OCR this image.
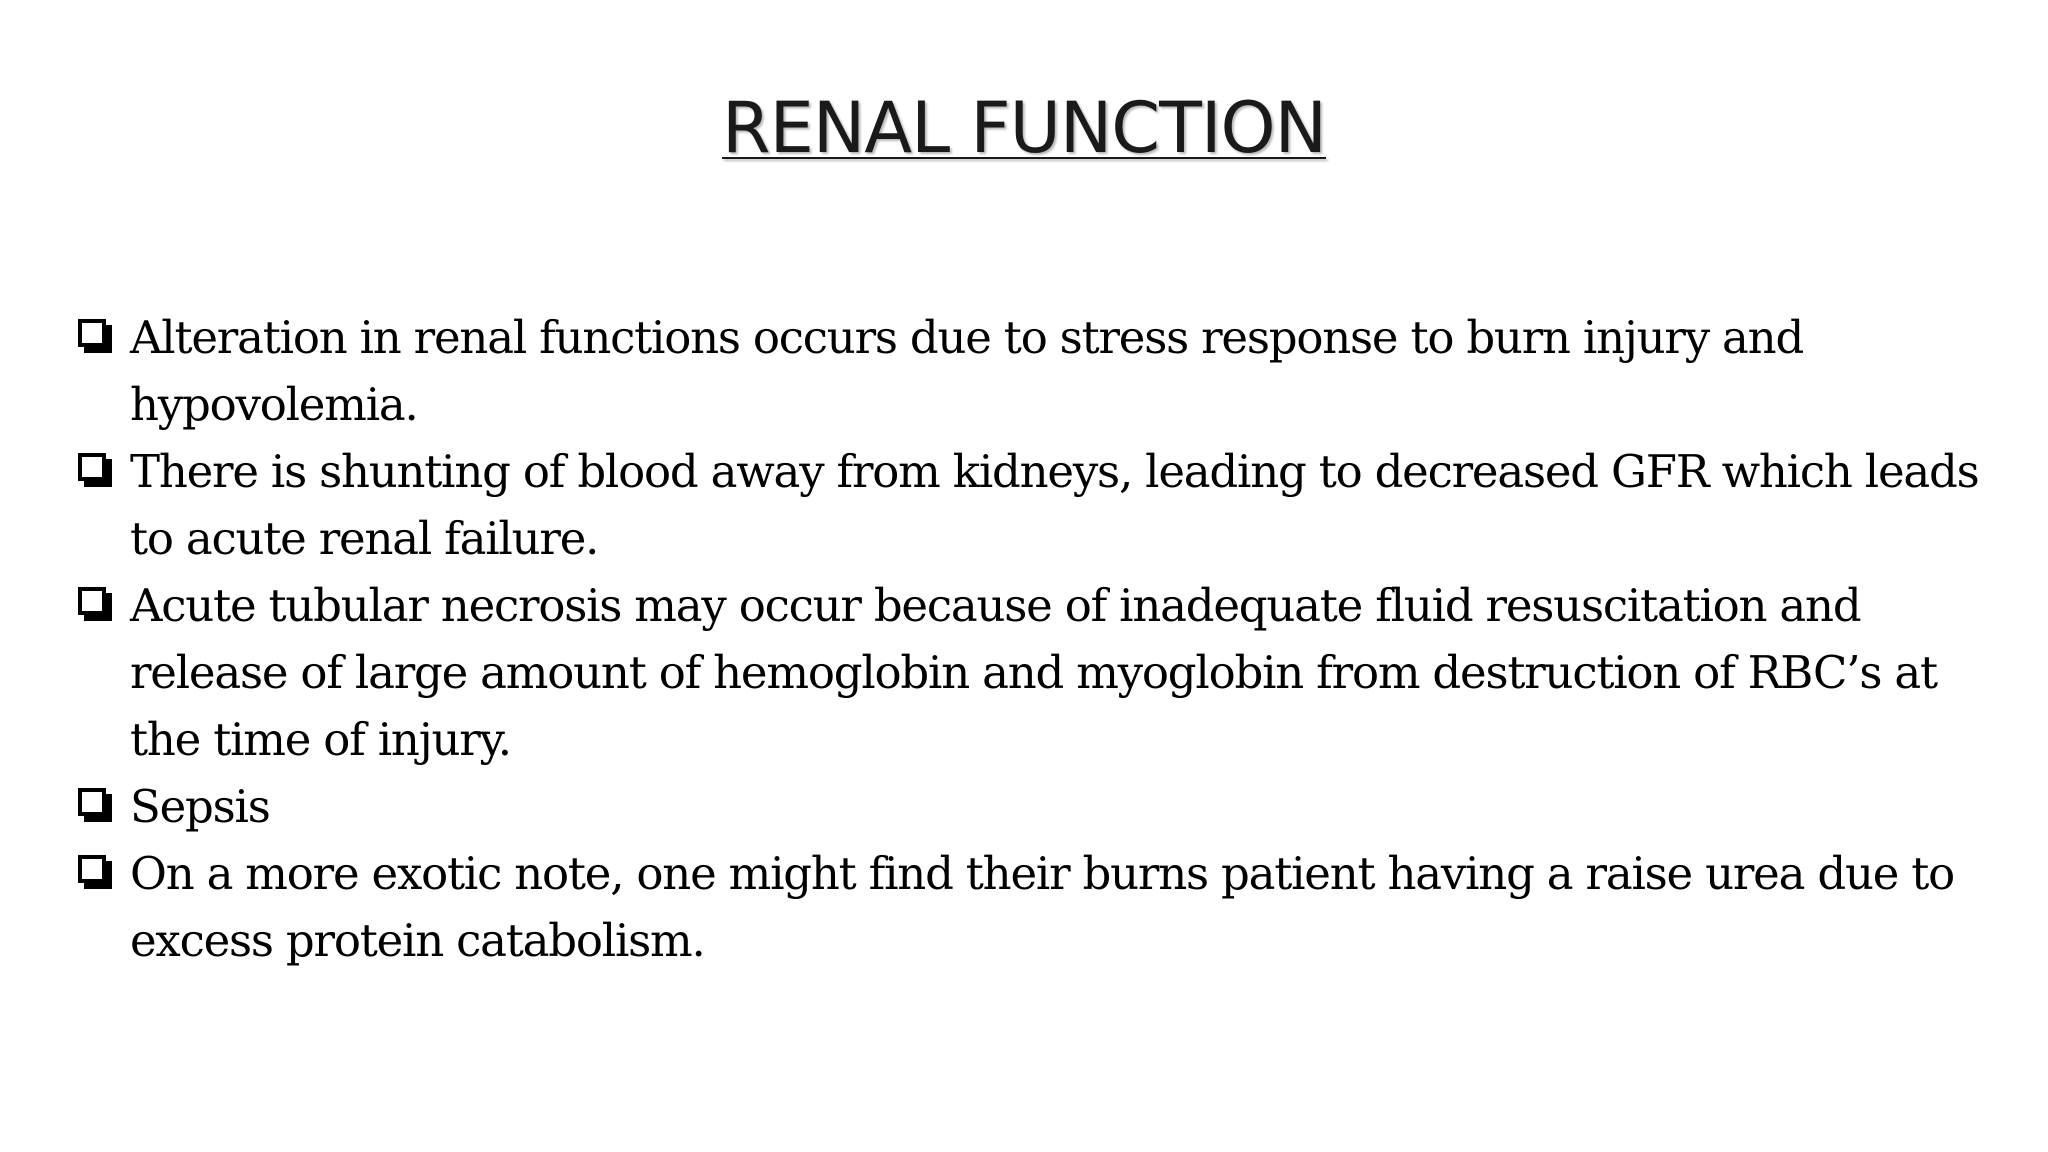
RENAL FUNCTION
Alteration in renal functions occurs due to stress response to burn injury and hypovolemia.
There is shunting of blood away from kidneys, leading to decreased GFR which leads to acute renal failure.
Acute tubular necrosis may occur because of inadequate fluid resuscitation and release of large amount of hemoglobin and myoglobin from destruction of RBC’s at the time of injury.
Sepsis
On a more exotic note, one might find their burns patient having a raise urea due to excess protein catabolism.
